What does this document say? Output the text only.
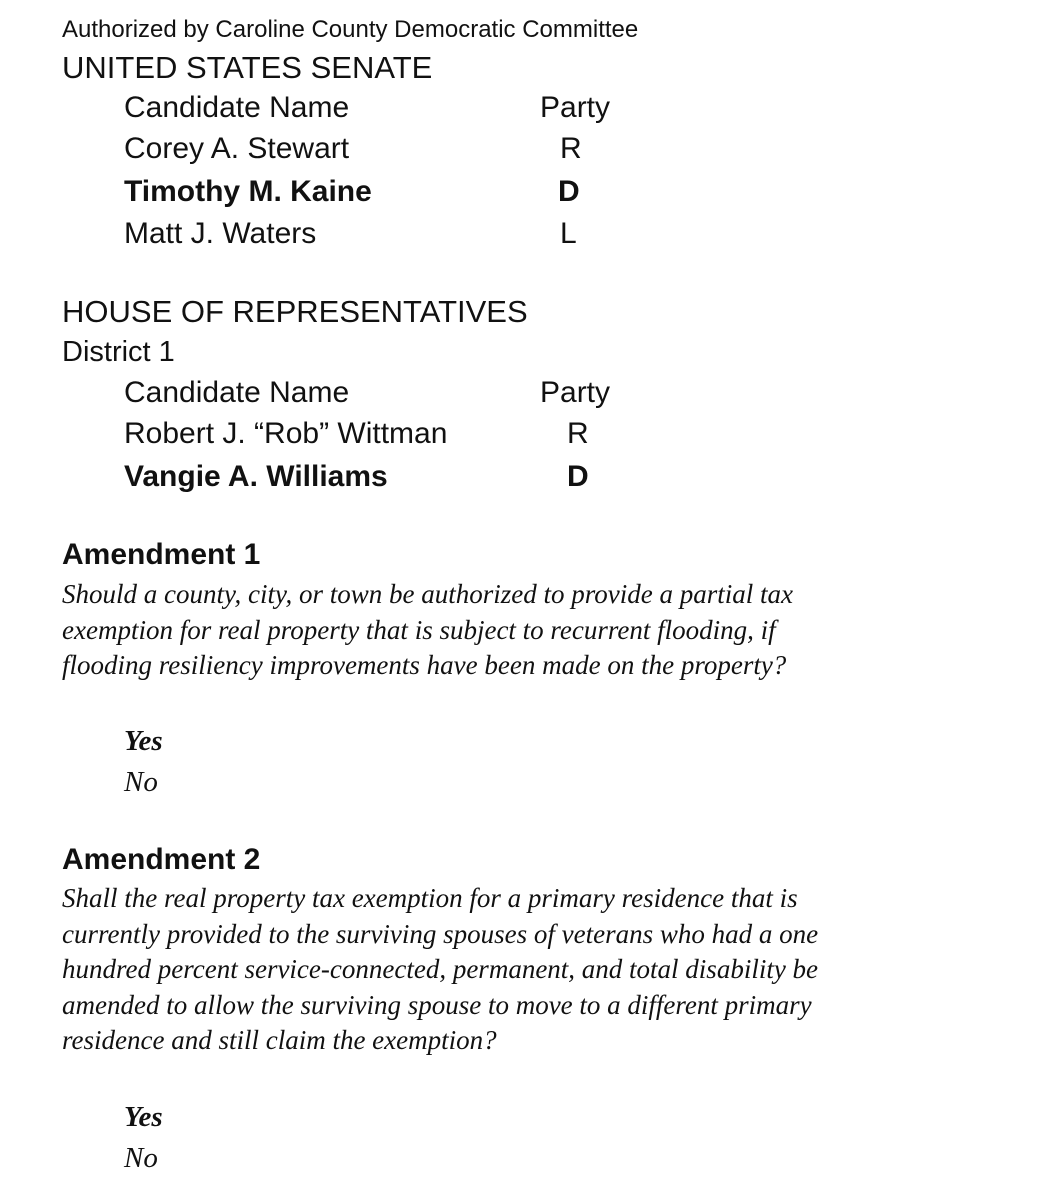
Authorized by Caroline County Democratic Committee
UNITED STATES SENATE
Candidate Name	Party
Corey A. Stewart	R
Timothy M. Kaine	D
Matt J. Waters	L
HOUSE OF REPRESENTATIVES
District 1
Candidate Name	Party
Robert J. “Rob” Wittman	R
Vangie A. Williams	D
Amendment 1
Should a county, city, or town be authorized to provide a partial tax
exemption for real property that is subject to recurrent flooding, if
flooding resiliency improvements have been made on the property?
Yes
No
Amendment 2
Shall the real property tax exemption for a primary residence that is
currently provided to the surviving spouses of veterans who had a one
hundred percent service-connected, permanent, and total disability be
amended to allow the surviving spouse to move to a different primary
residence and still claim the exemption?
Yes
No
